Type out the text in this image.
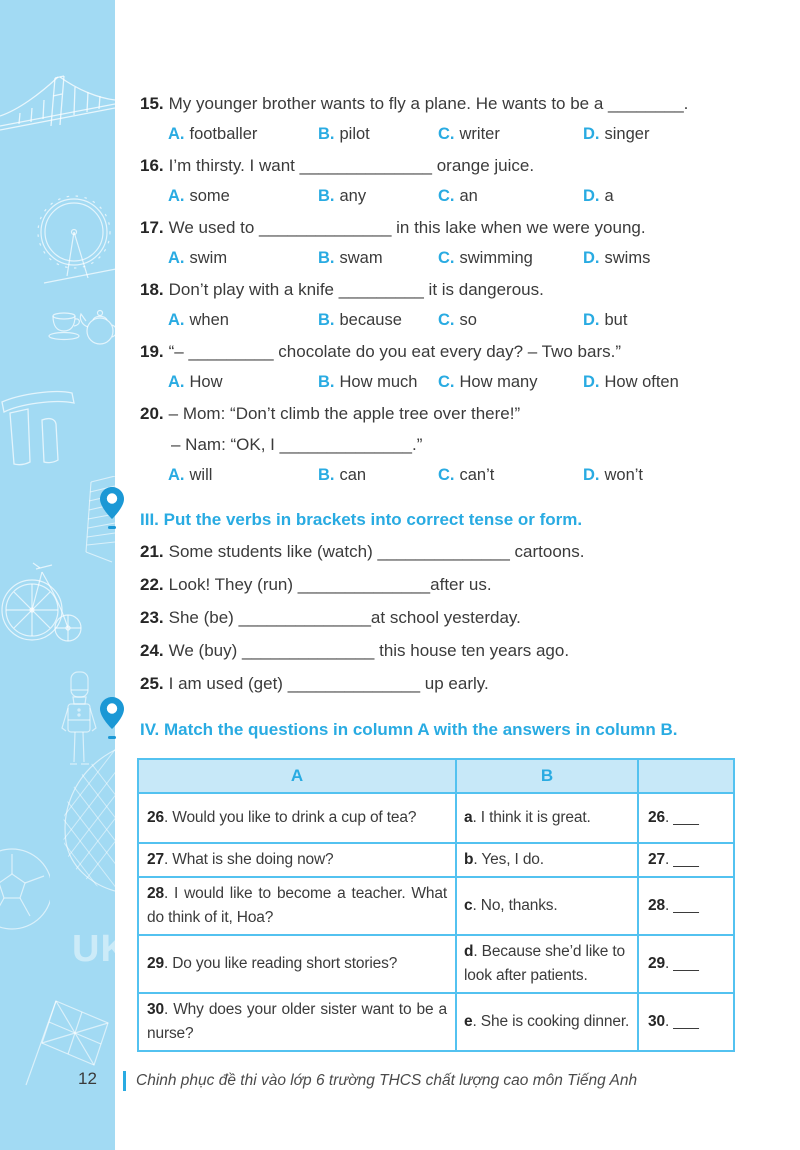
UK
12
15. My younger brother wants to fly a plane. He wants to be a ________.
A. footballer	B. pilot	C. writer	D. singer
16. I’m thirsty. I want ______________ orange juice.
A. some	B. any	C. an	D. a
17. We used to ______________ in this lake when we were young.
A. swim	B. swam	C. swimming	D. swims
18. Don’t play with a knife _________ it is dangerous.
A. when	B. because	C. so	D. but
19. “– _________ chocolate do you eat every day? – Two bars.”
A. How	B. How much	C. How many	D. How often
20. – Mom: “Don’t climb the apple tree over there!”
– Nam: “OK, I ______________.”
A. will	B. can	C. can’t	D. won’t
III. Put the verbs in brackets into correct tense or form.
21. Some students like (watch) ______________ cartoons.
22. Look! They (run) ______________after us.
23. She (be) ______________at school yesterday.
24. We (buy) ______________ this house ten years ago.
25. I am used (get) ______________ up early.
IV. Match the questions in column A with the answers in column B.
A	B	
26. Would you like to drink a cup of tea?	a. I think it is great.	26. ___
27. What is she doing now?	b. Yes, I do.	27. ___
28. I would like to become a teacher. What do think of it, Hoa?	c. No, thanks.	28. ___
29. Do you like reading short stories?	d. Because she’d like to look after patients.	29. ___
30. Why does your older sister want to be a nurse?	e. She is cooking dinner.	30. ___
Chinh phục đề thi vào lớp 6 trường THCS chất lượng cao môn Tiếng Anh
